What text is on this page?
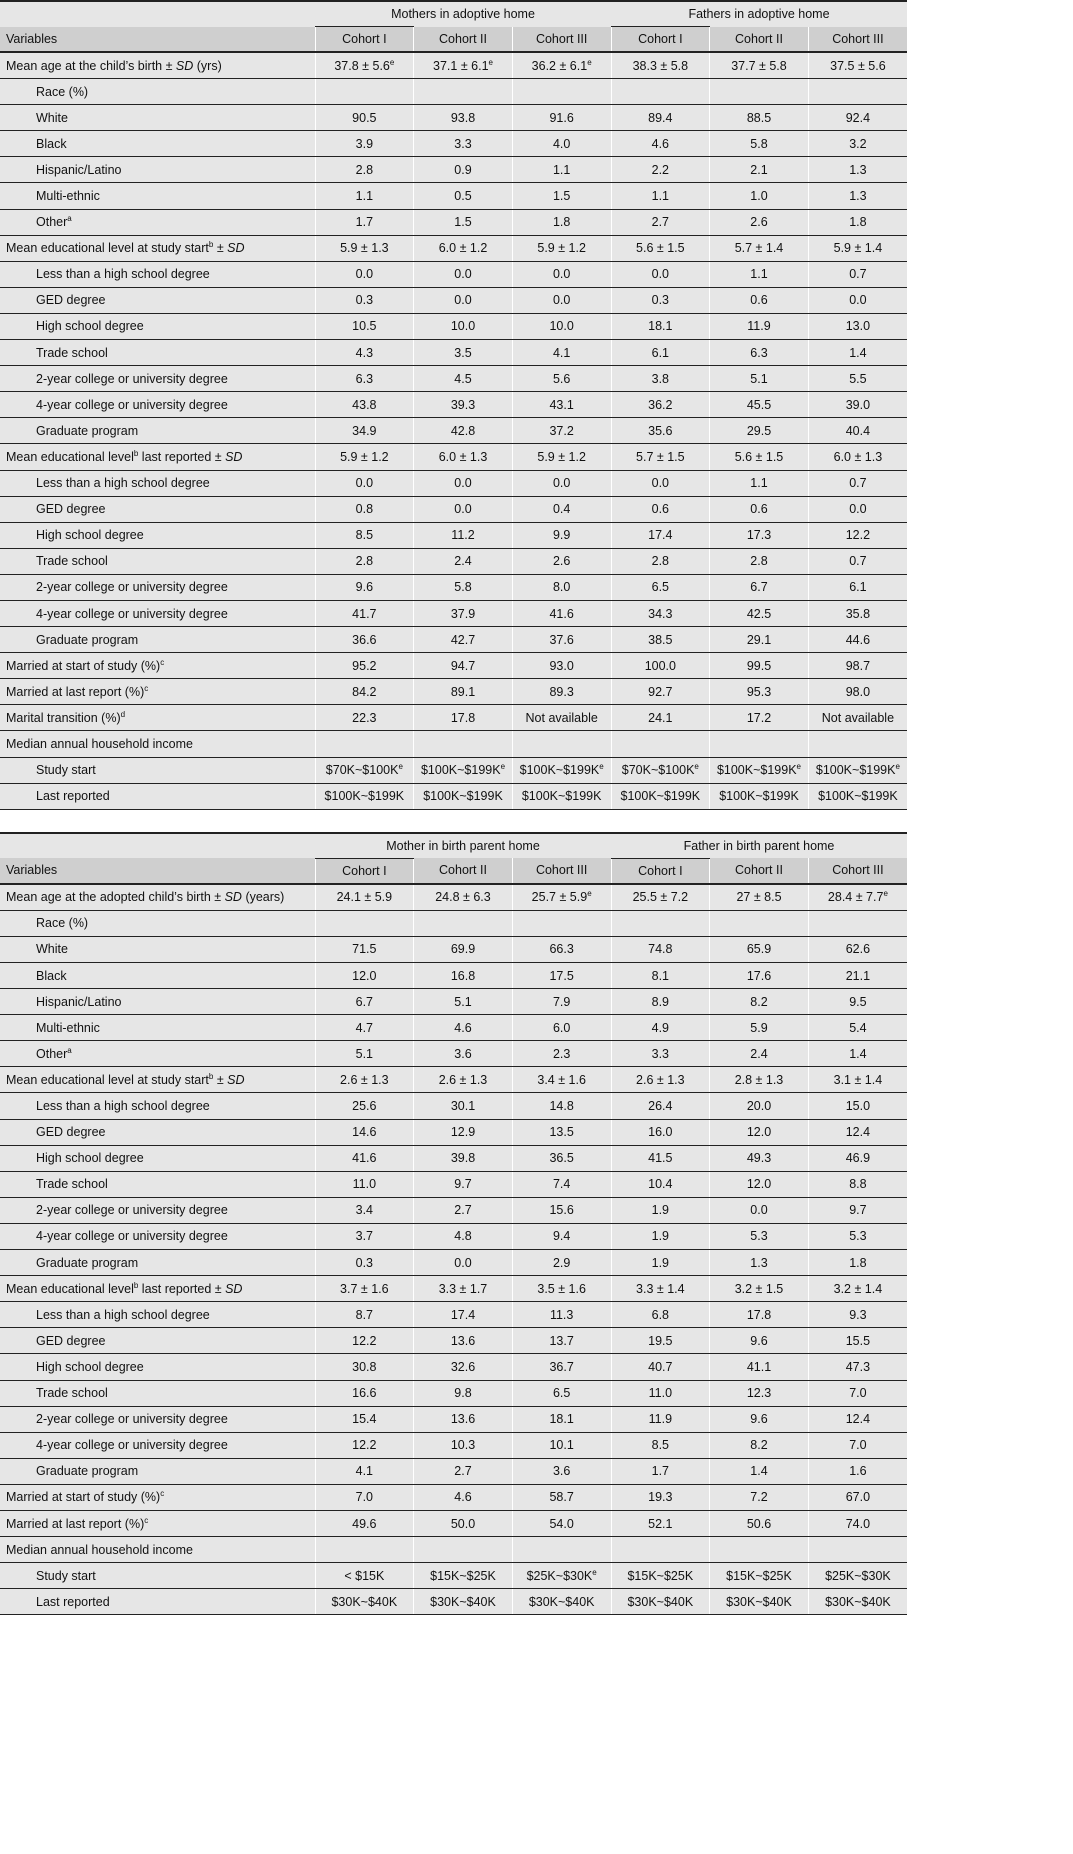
	Mothers in adoptive home			Fathers in adoptive home		
Variables	Cohort I	Cohort II	Cohort III	Cohort I	Cohort II	Cohort III
Mean age at the child’s birth ± SD (yrs)	37.8 ± 5.6$^e$	37.1 ± 6.1$^e$	36.2 ± 6.1$^e$	38.3 ± 5.8	37.7 ± 5.8	37.5 ± 5.6
Race (%)						
White	90.5	93.8	91.6	89.4	88.5	92.4
Black	3.9	3.3	4.0	4.6	5.8	3.2
Hispanic/Latino	2.8	0.9	1.1	2.2	2.1	1.3
Multi-ethnic	1.1	0.5	1.5	1.1	1.0	1.3
Other$^a$	1.7	1.5	1.8	2.7	2.6	1.8
Mean educational level at study start$^b$ ± SD	5.9 ± 1.3	6.0 ± 1.2	5.9 ± 1.2	5.6 ± 1.5	5.7 ± 1.4	5.9 ± 1.4
Less than a high school degree	0.0	0.0	0.0	0.0	1.1	0.7
GED degree	0.3	0.0	0.0	0.3	0.6	0.0
High school degree	10.5	10.0	10.0	18.1	11.9	13.0
Trade school	4.3	3.5	4.1	6.1	6.3	1.4
2-year college or university degree	6.3	4.5	5.6	3.8	5.1	5.5
4-year college or university degree	43.8	39.3	43.1	36.2	45.5	39.0
Graduate program	34.9	42.8	37.2	35.6	29.5	40.4
Mean educational level$^b$ last reported ± SD	5.9 ± 1.2	6.0 ± 1.3	5.9 ± 1.2	5.7 ± 1.5	5.6 ± 1.5	6.0 ± 1.3
Less than a high school degree	0.0	0.0	0.0	0.0	1.1	0.7
GED degree	0.8	0.0	0.4	0.6	0.6	0.0
High school degree	8.5	11.2	9.9	17.4	17.3	12.2
Trade school	2.8	2.4	2.6	2.8	2.8	0.7
2-year college or university degree	9.6	5.8	8.0	6.5	6.7	6.1
4-year college or university degree	41.7	37.9	41.6	34.3	42.5	35.8
Graduate program	36.6	42.7	37.6	38.5	29.1	44.6
Married at start of study (%)$^c$	95.2	94.7	93.0	100.0	99.5	98.7
Married at last report (%)$^c$	84.2	89.1	89.3	92.7	95.3	98.0
Marital transition (%)$^d$	22.3	17.8	Not available	24.1	17.2	Not available
Median annual household income						
Study start	$\$70K\sim\$100K^e$	$\$100K\sim\$199K^e$	$\$100K\sim\$199K^e$	$\$70K\sim\$100K^e$	$\$100K\sim\$199K^e$	$\$100K\sim\$199K^e$
Last reported	$100K~$199K	$100K~$199K	$100K~$199K	$100K~$199K	$100K~$199K	$100K~$199K
	Mother in birth parent home			Father in birth parent home		
Variables	Cohort I	Cohort II	Cohort III	Cohort I	Cohort II	Cohort III
Mean age at the adopted child’s birth ± SD (years)	24.1 ± 5.9	24.8 ± 6.3	25.7 ± 5.9$^e$	25.5 ± 7.2	27 ± 8.5	28.4 ± 7.7$^e$
Race (%)						
White	71.5	69.9	66.3	74.8	65.9	62.6
Black	12.0	16.8	17.5	8.1	17.6	21.1
Hispanic/Latino	6.7	5.1	7.9	8.9	8.2	9.5
Multi-ethnic	4.7	4.6	6.0	4.9	5.9	5.4
Other$^a$	5.1	3.6	2.3	3.3	2.4	1.4
Mean educational level at study start$^b$ ± SD	2.6 ± 1.3	2.6 ± 1.3	3.4 ± 1.6	2.6 ± 1.3	2.8 ± 1.3	3.1 ± 1.4
Less than a high school degree	25.6	30.1	14.8	26.4	20.0	15.0
GED degree	14.6	12.9	13.5	16.0	12.0	12.4
High school degree	41.6	39.8	36.5	41.5	49.3	46.9
Trade school	11.0	9.7	7.4	10.4	12.0	8.8
2-year college or university degree	3.4	2.7	15.6	1.9	0.0	9.7
4-year college or university degree	3.7	4.8	9.4	1.9	5.3	5.3
Graduate program	0.3	0.0	2.9	1.9	1.3	1.8
Mean educational level$^b$ last reported ± SD	3.7 ± 1.6	3.3 ± 1.7	3.5 ± 1.6	3.3 ± 1.4	3.2 ± 1.5	3.2 ± 1.4
Less than a high school degree	8.7	17.4	11.3	6.8	17.8	9.3
GED degree	12.2	13.6	13.7	19.5	9.6	15.5
High school degree	30.8	32.6	36.7	40.7	41.1	47.3
Trade school	16.6	9.8	6.5	11.0	12.3	7.0
2-year college or university degree	15.4	13.6	18.1	11.9	9.6	12.4
4-year college or university degree	12.2	10.3	10.1	8.5	8.2	7.0
Graduate program	4.1	2.7	3.6	1.7	1.4	1.6
Married at start of study (%)$^c$	7.0	4.6	58.7	19.3	7.2	67.0
Married at last report (%)$^c$	49.6	50.0	54.0	52.1	50.6	74.0
Median annual household income						
Study start	< $15K	$15K~$25K	$\$25K\sim\$30K^e$	$15K~$25K	$15K~$25K	$25K~$30K
Last reported	$30K~$40K	$30K~$40K	$30K~$40K	$30K~$40K	$30K~$40K	$30K~$40K
